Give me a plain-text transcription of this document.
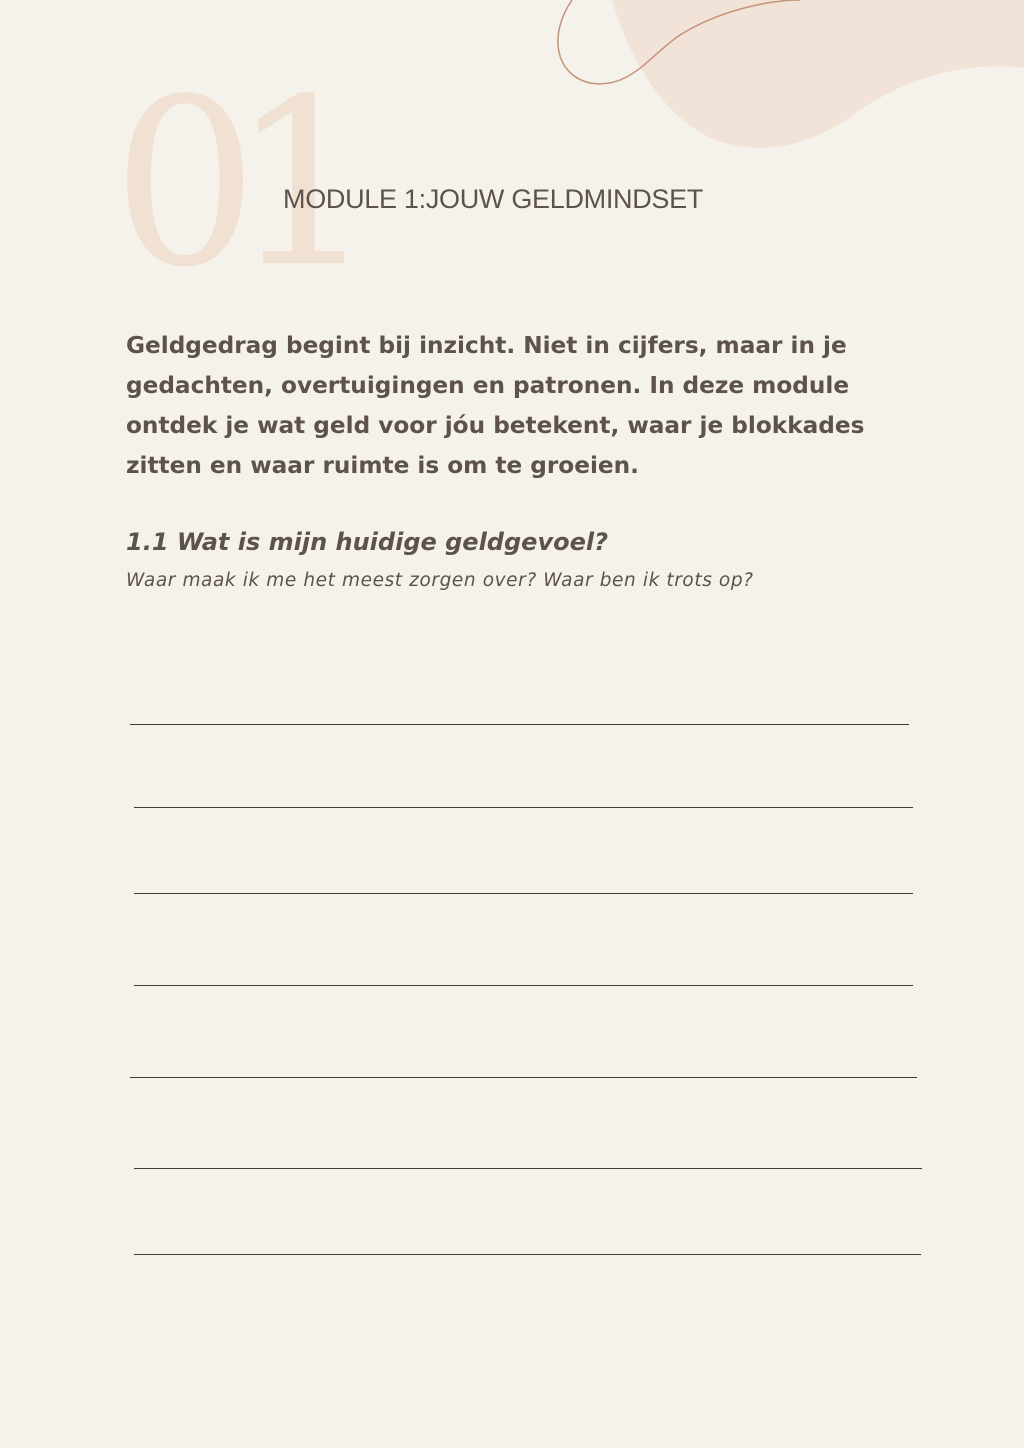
01
MODULE 1:JOUW GELDMINDSET

Geldgedrag begint bij inzicht. Niet in cijfers, maar in je gedachten, overtuigingen en patronen. In deze module ontdek je wat geld voor jóu betekent, waar je blokkades zitten en waar ruimte is om te groeien.

1.1 Wat is mijn huidige geldgevoel?

Waar maak ik me het meest zorgen over? Waar ben ik trots op?
